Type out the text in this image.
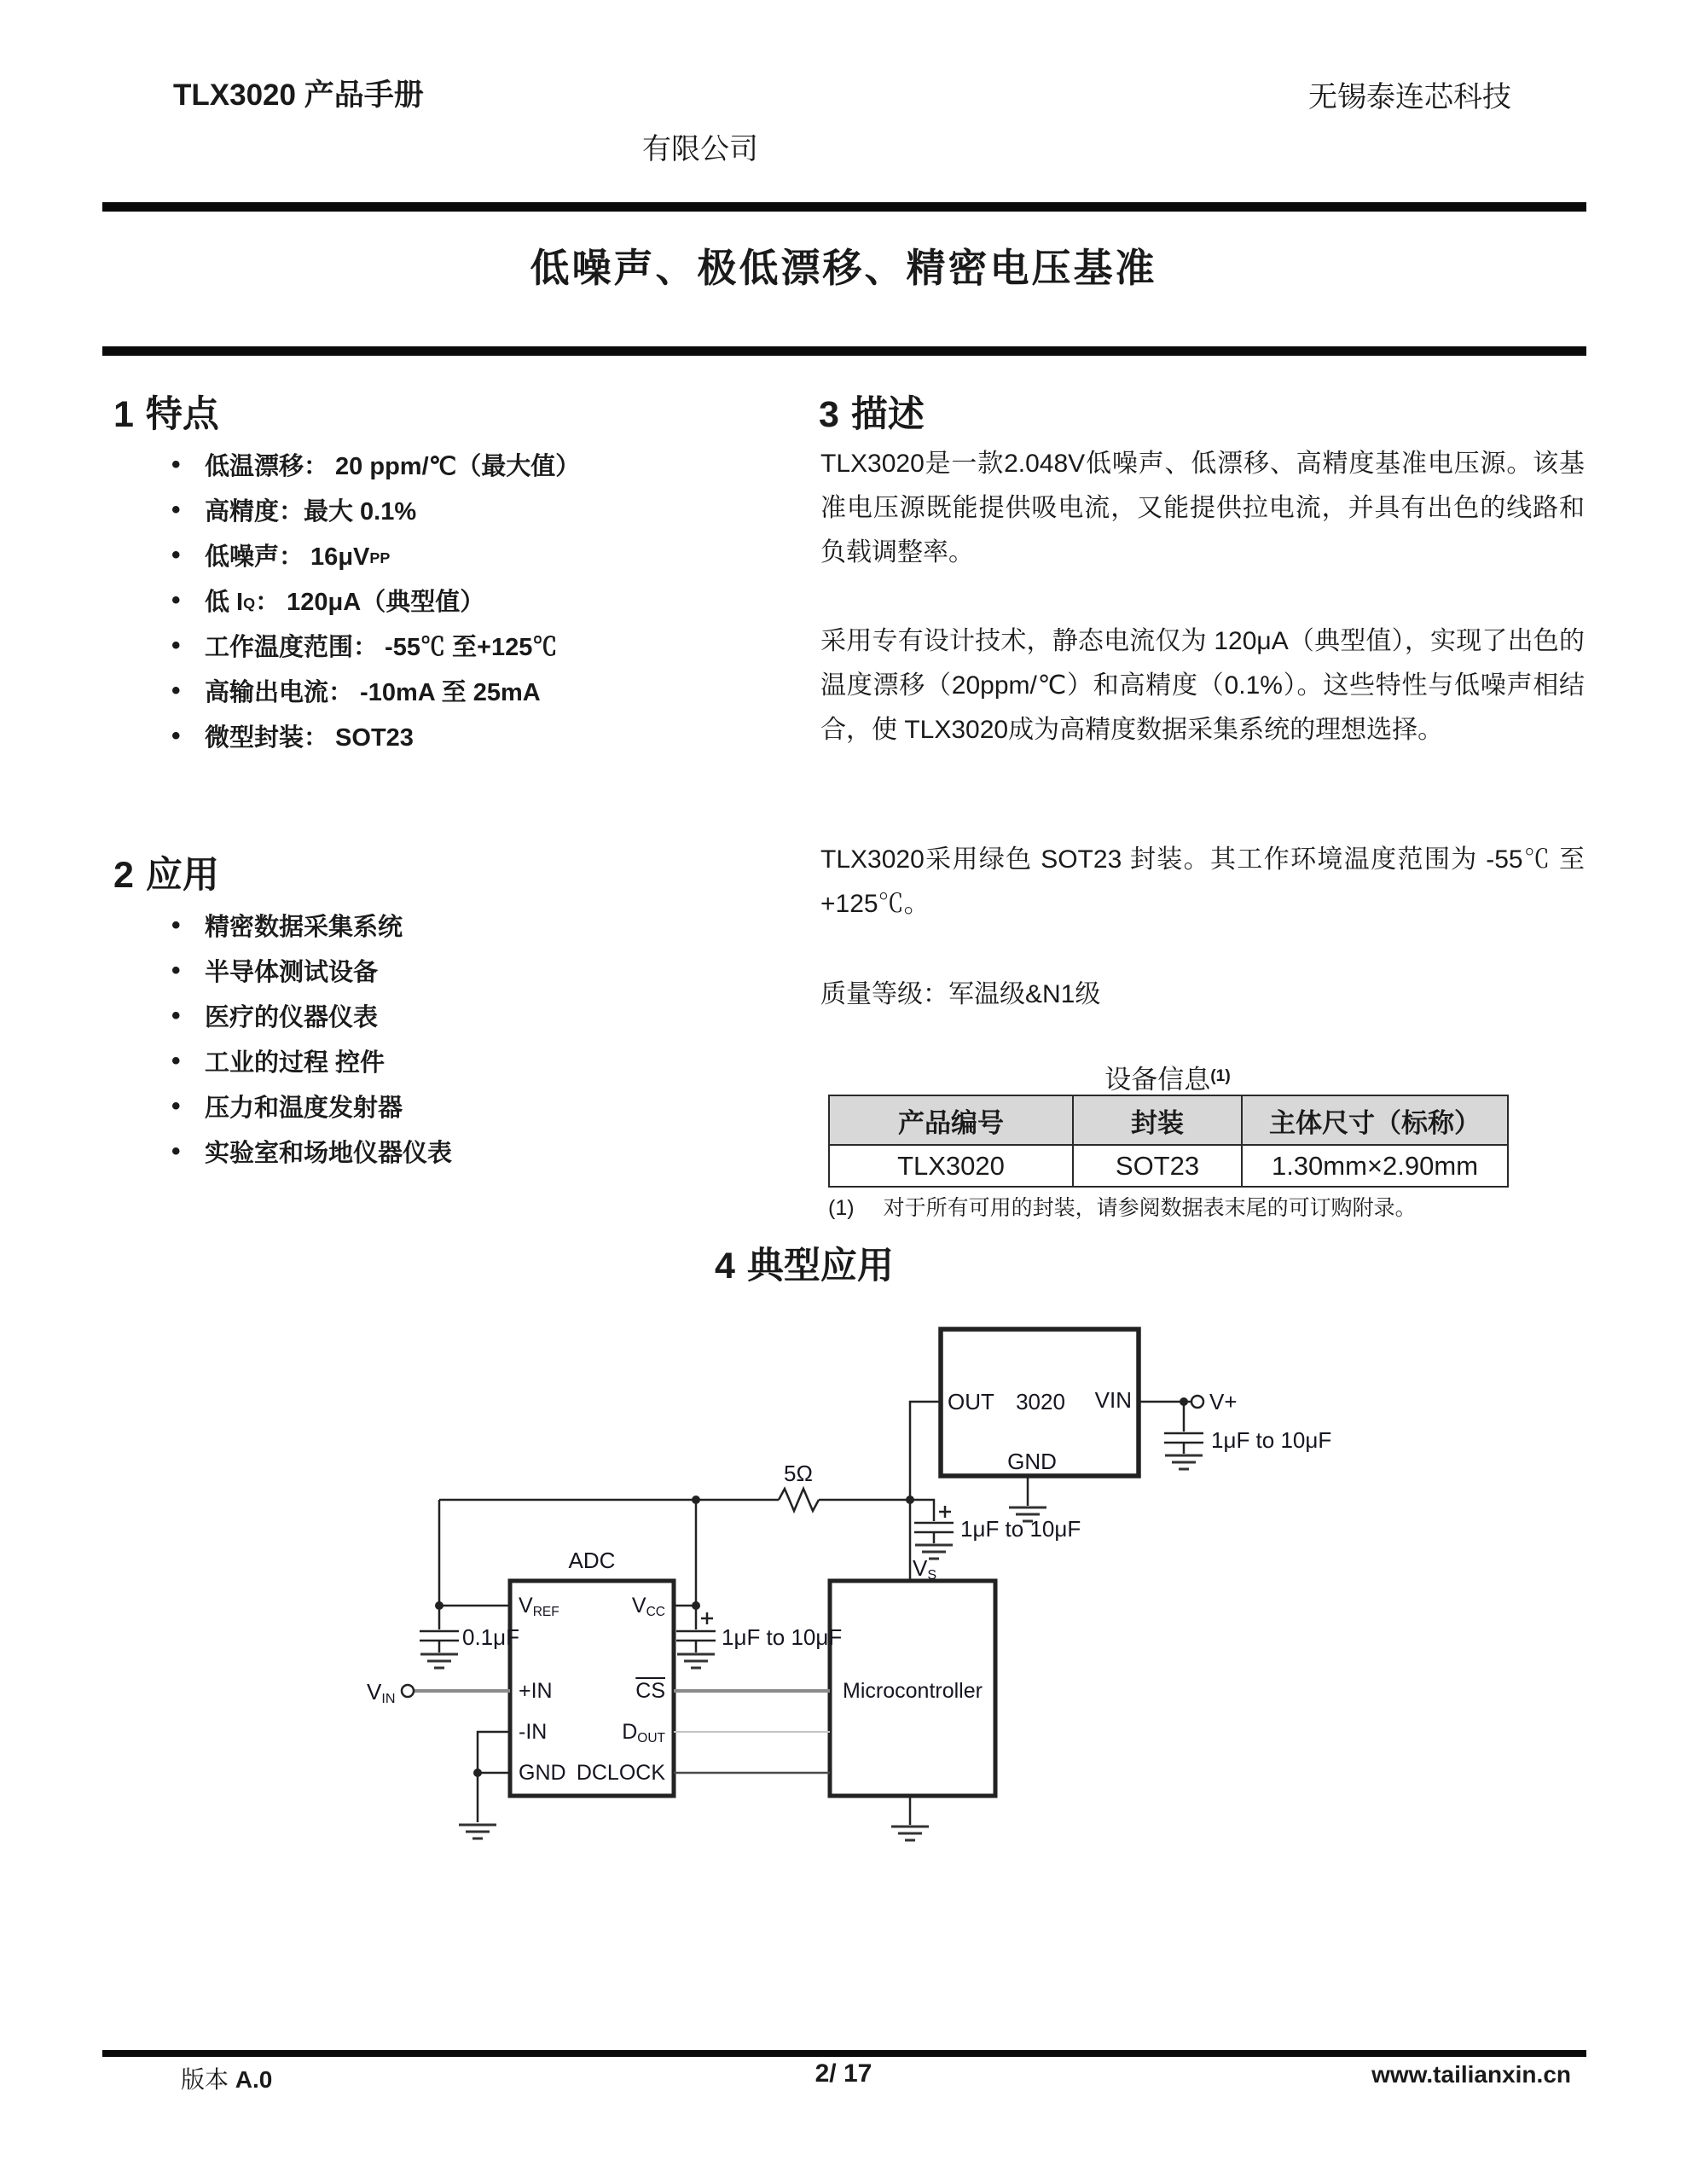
TLX3020 产品手册	无锡泰连芯科技
有限公司
低噪声、极低漂移、精密电压基准
1 特点
• 低温漂移： 20 ppm/℃（最大值）
• 高精度：最大 0.1%
• 低噪声： 16μV PP
• 低 I Q ： 120μA（典型值）
• 工作温度范围： -55℃ 至+125℃
• 高输出电流： -10mA 至 25mA
• 微型封装： SOT23
2 应用
• 精密数据采集系统
• 半导体测试设备
• 医疗的仪器仪表
• 工业的过程 控件
• 压力和温度发射器
• 实验室和场地仪器仪表
3 描述

TLX3020是一款2.048V低噪声、低漂移、高精度基准电压源。该基准电压源既能提供吸电流，又能提供拉电流，并具有出色的线路和负载调整率。

采用专有设计技术，静态电流仅为 120μA（典型值），实现了出色的温度漂移（20ppm/℃）和高精度（0.1%）。这些特性与低噪声相结合，使 TLX3020成为高精度数据采集系统的理想选择。

TLX3020采用绿色 SOT23 封装。其工作环境温度范围为 -55℃ 至 +125℃。

质量等级：军温级&N1级

设备信息$^{(1)}$
产品编号	封装	主体尺寸（标称）
TLX3020	SOT23	1.30mm×2.90mm
(1) 对于所有可用的封装，请参阅数据表末尾的可订购附录。
4 典型应用
OUT 3020	VIN
GND
V+
1μF to 10μF
1μF to 10μF
VS
5Ω
ADC
VREF	VCC
+IN	$\overline{CS}$
-IN	DOUT
GND DCLOCK
0.1μF	1μF to 10μF
VIN	Microcontroller
版本 A.0	2/ 17	www.tailianxin.cn
